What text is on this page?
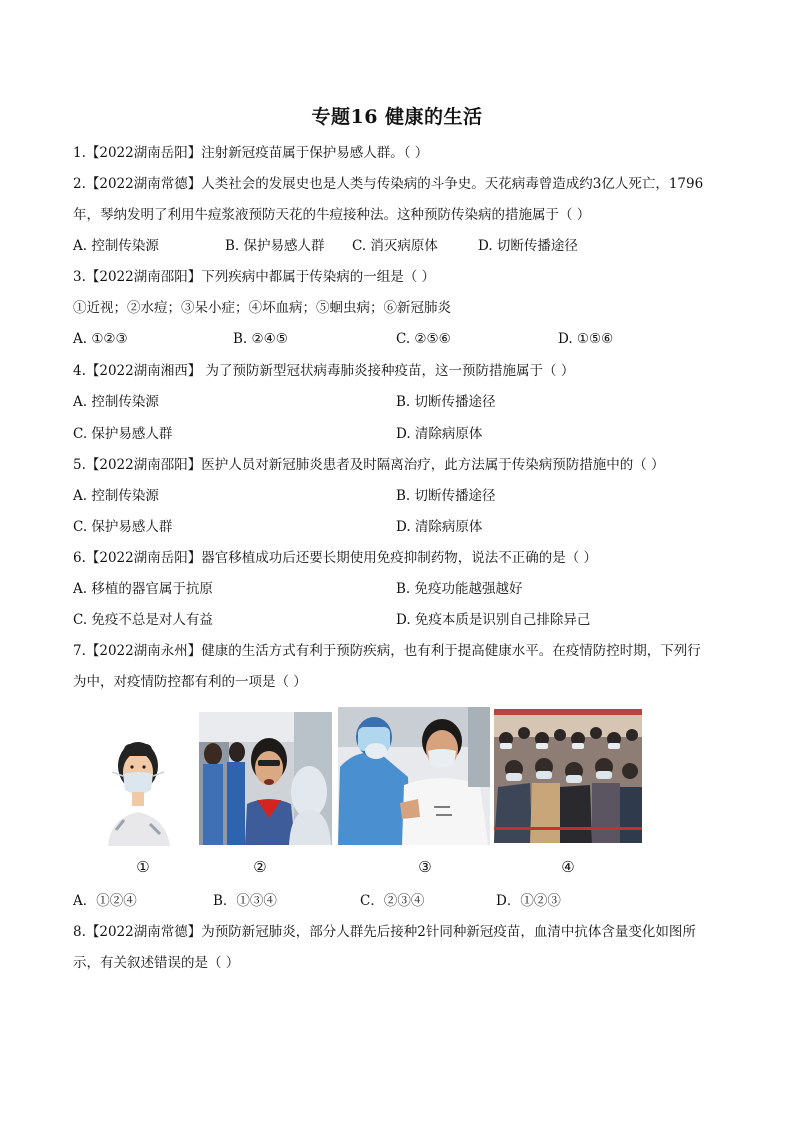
专题16 健康的生活
1.【2022湖南岳阳】注射新冠疫苗属于保护易感人群。（ ）
2.【2022湖南常德】人类社会的发展史也是人类与传染病的斗争史。天花病毒曾造成约3亿人死亡，1796
年，琴纳发明了利用牛痘浆液预防天花的牛痘接种法。这种预防传染病的措施属于（ ）
A. 控制传染源	B. 保护易感人群 C. 消灭病原体	D. 切断传播途径
3.【2022湖南邵阳】下列疾病中都属于传染病的一组是（ ）
①近视；②水痘；③呆小症；④坏血病；⑤蛔虫病；⑥新冠肺炎
A. ①②③	B. ②④⑤	C. ②⑤⑥	D. ①⑤⑥
4.【2022湖南湘西】 为了预防新型冠状病毒肺炎接种疫苗，这一预防措施属于（ ）
A. 控制传染源	B. 切断传播途径
C. 保护易感人群	D. 清除病原体
5.【2022湖南邵阳】医护人员对新冠肺炎患者及时隔离治疗，此方法属于传染病预防措施中的（ ）
A. 控制传染源	B. 切断传播途径
C. 保护易感人群	D. 清除病原体
6.【2022湖南岳阳】器官移植成功后还要长期使用免疫抑制药物，说法不正确的是（ ）
A. 移植的器官属于抗原	B. 免疫功能越强越好
C. 免疫不总是对人有益	D. 免疫本质是识别自己排除异己
7.【2022湖南永州】健康的生活方式有利于预防疾病，也有利于提高健康水平。在疫情防控时期，下列行
为中，对疫情防控都有利的一项是（ ）
①	②	③	④
A．①②④	B．①③④	C．②③④	D．①②③
8.【2022湖南常德】为预防新冠肺炎，部分人群先后接种2针同种新冠疫苗，血清中抗体含量变化如图所
示，有关叙述错误的是（ ）
